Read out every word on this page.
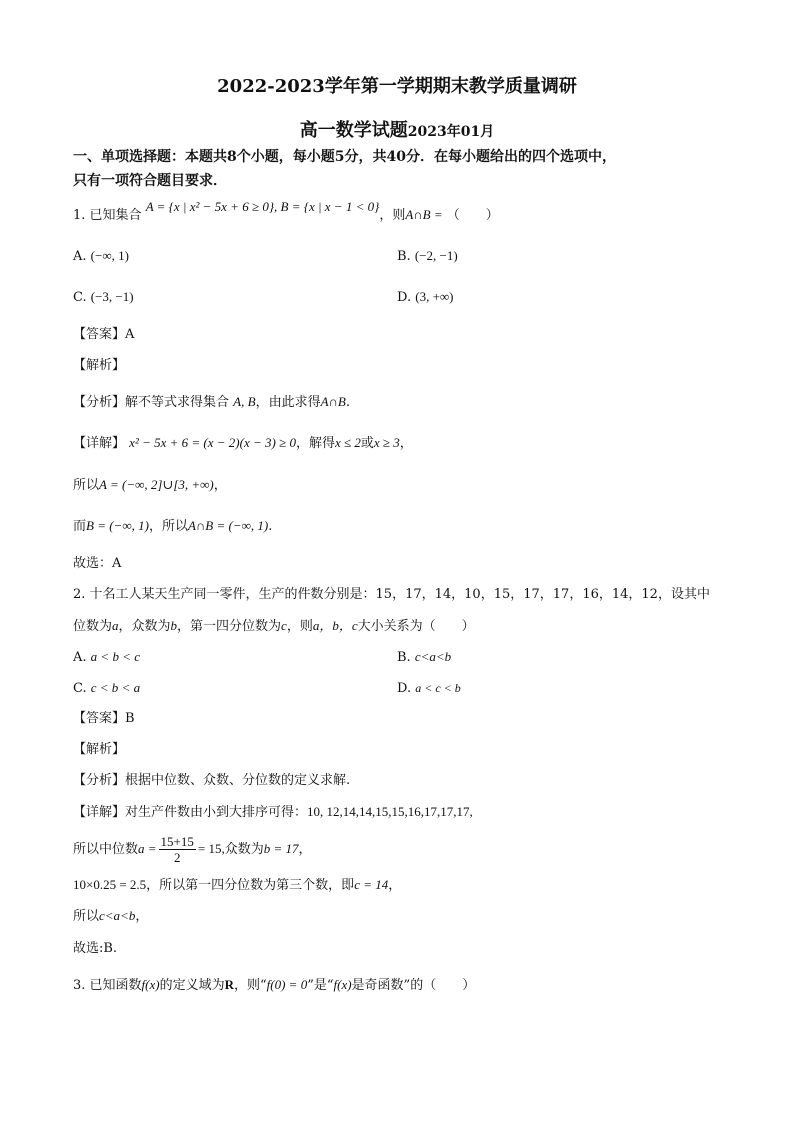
2022-2023学年第一学期期末教学质量调研
高一数学试题2023年01月
一、单项选择题：本题共8个小题，每小题5分，共40分．在每小题给出的四个选项中，
只有一项符合题目要求．
1. 已知集合 A = {x | x² − 5x + 6 ≥ 0}, B = {x | x − 1 < 0}，则A∩B = （　　）
A. (−∞, 1)	B. (−2, −1)
C. (−3, −1)	D. (3, +∞)
【答案】A
【解析】
【分析】解不等式求得集合 A, B，由此求得A∩B.
【详解】 x² − 5x + 6 = (x − 2)(x − 3) ≥ 0，解得x ≤ 2或x ≥ 3，
所以A = (−∞, 2]∪[3, +∞)，
而B = (−∞, 1)，所以A∩B = (−∞, 1).
故选：A
2. 十名工人某天生产同一零件，生产的件数分别是：15，17，14，10，15，17，17，16，14，12，设其中
位数为a，众数为b，第一四分位数为c，则a，b，c大小关系为（　　）
A. a < b < c	B. c<a<b
C. c < b < a	D. a < c < b
【答案】B
【解析】
【分析】根据中位数、众数、分位数的定义求解.
【详解】对生产件数由小到大排序可得：10, 12,14,14,15,15,16,17,17,17,
所以中位数$a = \frac{15+15}{2} = 15$,众数为b = 17，
10×0.25 = 2.5，所以第一四分位数为第三个数，即c = 14，
所以c<a<b，
故选:B.
3. 已知函数f(x)的定义域为R，则“f(0) = 0”是“f(x)是奇函数”的（　　）
